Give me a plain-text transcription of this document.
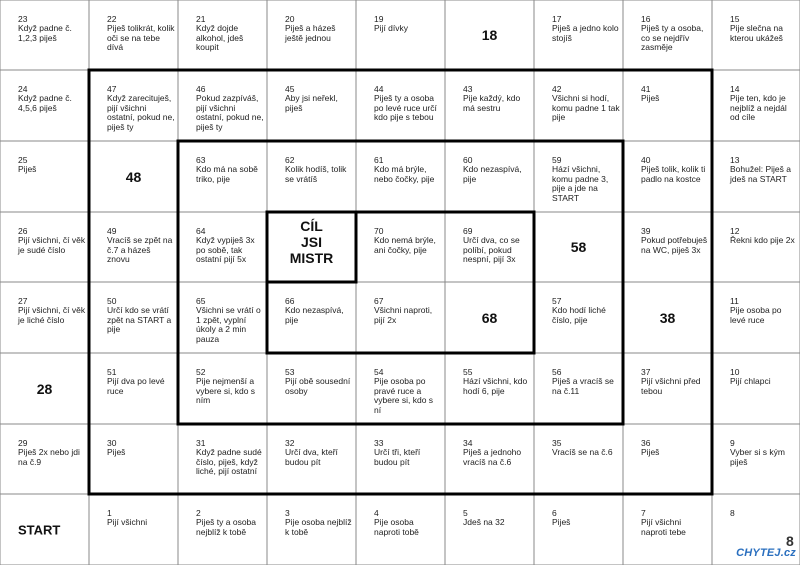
23
Když padne č. 1,2,3 piješ
22
Piješ tolikrát, kolik oči se na tebe dívá
21
Když dojde alkohol, jdeš koupit
20
Piješ a házeš ještě jednou
19
Pijí dívky	18
17
Piješ a jedno kolo stojíš
16
Piješ ty a osoba, co se nejdřív zasměje
15
Pije slečna na kterou ukážeš
24
Když padne č. 4,5,6 piješ
47
Když zarecituješ, pijí všichni ostatní, pokud ne, piješ ty
46
Pokud zazpíváš, pijí všichni ostatní, pokud ne, piješ ty
45
Aby jsi neřekl, piješ
44
Piješ ty a osoba po levé ruce určí kdo pije s tebou
43
Pije každý, kdo má sestru
42
Všichni si hodí, komu padne 1 tak pije
41
Piješ
14
Pije ten, kdo je nejblíž a nejdál od cíle
25
Piješ	48
63
Kdo má na sobě triko, pije
62
Kolik hodíš, tolik se vrátíš
61
Kdo má brýle, nebo čočky, pije
60
Kdo nezaspívá, pije
59
Hází všichni, komu padne 3, pije a jde na START
40
Piješ tolik, kolik ti padlo na kostce
13
Bohužel: Piješ a jdeš na START
26
Pijí všichni, čí věk je sudé číslo
49
Vracíš se zpět na č.7 a házeš znovu
64
Když vypiješ 3x po sobě, tak ostatní pijí 5x
CÍL
JSI
MISTR
70
Kdo nemá brýle, ani čočky, pije
69
Určí dva, co se políbí, pokud nespní, pijí 3x
58
39
Pokud potřebuješ na WC, piješ 3x
12
Řekni kdo pije 2x
27
Pijí všichni, čí věk je liché číslo
50
Určí kdo se vrátí zpět na START a pije
65
Všichni se vrátí o 1 zpět, vyplní úkoly a 2 min pauza
66
Kdo nezaspívá, pije
67
Všichni naproti, pijí 2x	68
57
Kdo hodí liché číslo, pije	38
11
Pije osoba po levé ruce
28
51
Pijí dva po levé ruce
52
Pije nejmenší a vybere si, kdo s ním
53
Pijí obě sousední osoby
54
Pije osoba po pravé ruce a vybere si, kdo s ní
55
Hází všichni, kdo hodí 6, pije
56
Piješ a vracíš se na č.11
37
Pijí všichni před tebou
10
Pijí chlapci
29
Piješ 2x nebo jdi na č.9
30
Piješ
31
Když padne sudé číslo, piješ, když liché, pijí ostatní
32
Určí dva, kteří budou pít
33
Určí tři, kteří budou pít
34
Piješ a jednoho vracíš na č.6
35
Vracíš se na č.6
36
Piješ
9
Vyber si s kým piješ
START
1
Pijí všichni
2
Piješ ty a osoba nejblíž k tobě
3
Pije osoba nejblíž k tobě
4
Pije osoba naproti tobě
5
Jdeš na 32
6
Piješ
7
Pijí všichni naproti tebe
8
8
CHYTEJ.cz
